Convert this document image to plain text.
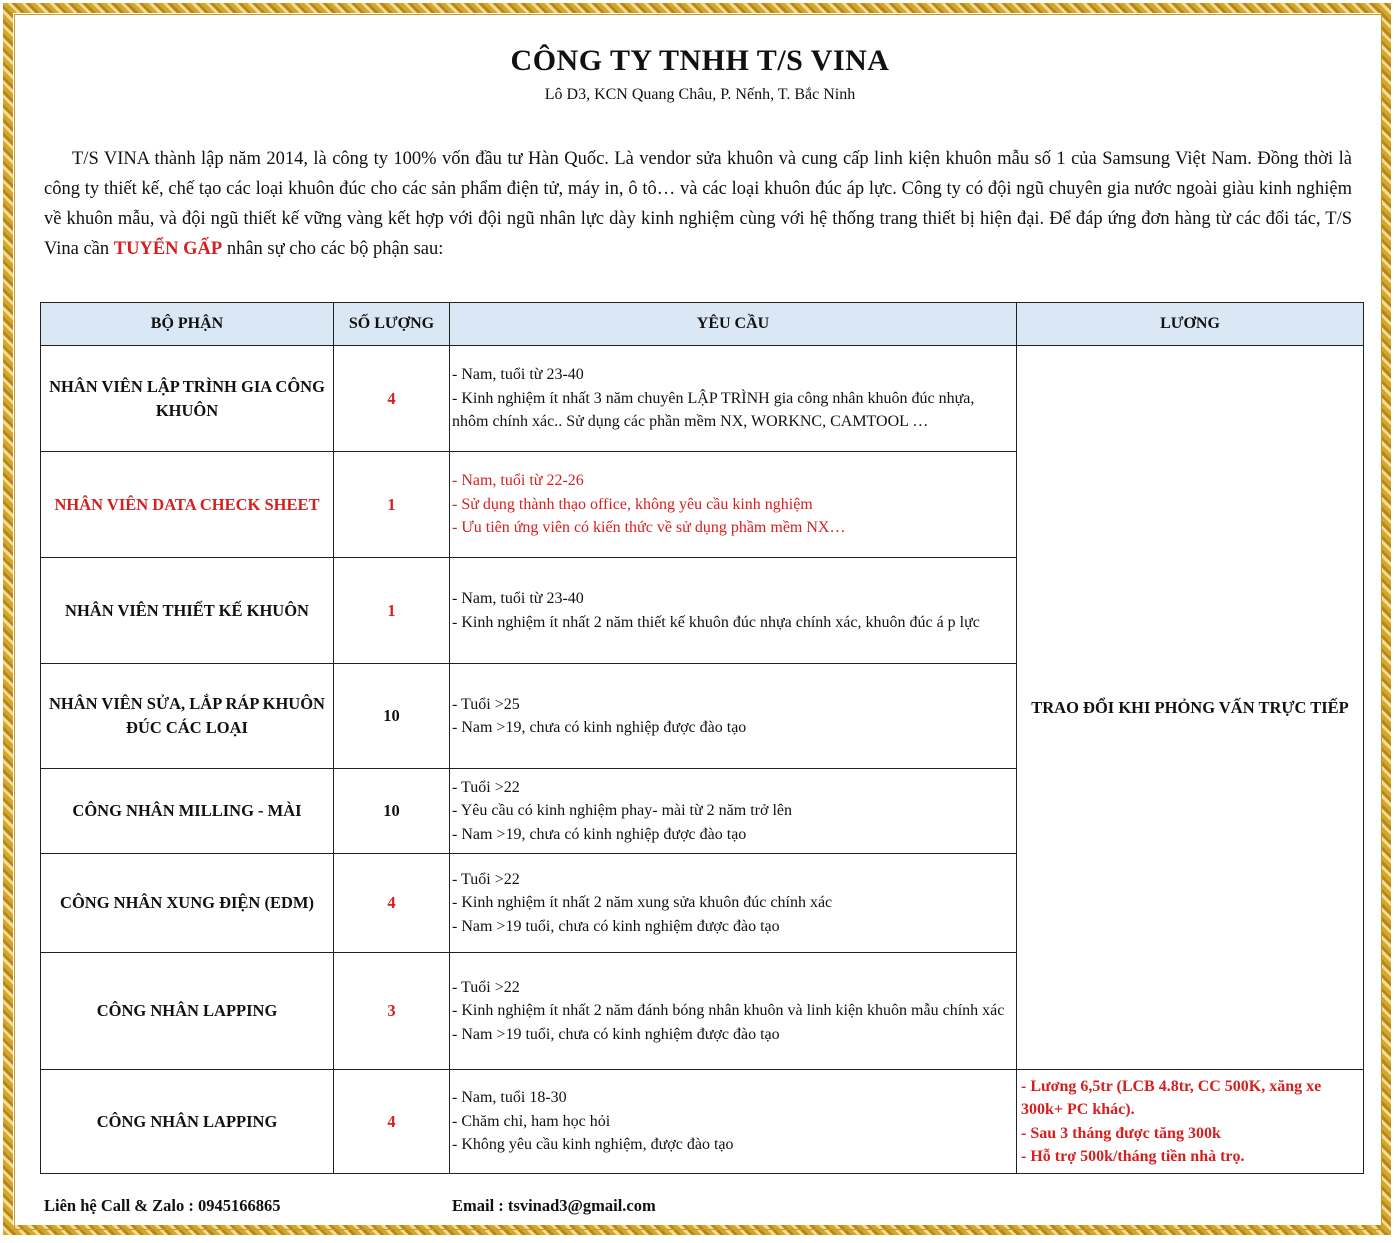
CÔNG TY TNHH T/S VINA
Lô D3, KCN Quang Châu, P. Nếnh, T. Bắc Ninh

T/S VINA thành lập năm 2014, là công ty 100% vốn đầu tư Hàn Quốc. Là vendor sửa khuôn và cung cấp linh kiện khuôn mẫu số 1 của Samsung Việt Nam. Đồng thời là công ty thiết kế, chế tạo các loại khuôn đúc cho các sản phẩm điện tử, máy in, ô tô… và các loại khuôn đúc áp lực. Công ty có đội ngũ chuyên gia nước ngoài giàu kinh nghiệm về khuôn mẫu, và đội ngũ thiết kế vững vàng kết hợp với đội ngũ nhân lực dày kinh nghiệm cùng với hệ thống trang thiết bị hiện đại. Để đáp ứng đơn hàng từ các đối tác, T/S Vina cần TUYỂN GẤP nhân sự cho các bộ phận sau:

BỘ PHẬN	SỐ LƯỢNG	YÊU CẦU	LƯƠNG
NHÂN VIÊN LẬP TRÌNH GIA CÔNG KHUÔN	4	- Nam, tuổi từ 23-40
- Kinh nghiệm ít nhất 3 năm chuyên LẬP TRÌNH gia công nhân khuôn đúc nhựa, nhôm chính xác.. Sử dụng các phần mềm NX, WORKNC, CAMTOOL …	TRAO ĐỔI KHI PHỎNG VẤN TRỰC TIẾP
NHÂN VIÊN DATA CHECK SHEET	1	- Nam, tuổi từ 22-26
- Sử dụng thành thạo office, không yêu cầu kinh nghiệm
- Ưu tiên ứng viên có kiến thức về sử dụng phầm mềm NX…	

NHÂN VIÊN THIẾT KẾ KHUÔN	1	- Nam, tuổi từ 23-40
- Kinh nghiệm ít nhất 2 năm thiết kế khuôn đúc nhựa chính xác, khuôn đúc á p lực	

NHÂN VIÊN SỬA, LẮP RÁP KHUÔN ĐÚC CÁC LOẠI	10	- Tuổi >25
- Nam >19, chưa có kinh nghiệp được đào tạo	

CÔNG NHÂN MILLING - MÀI	10	- Tuổi >22
- Yêu cầu có kinh nghiệm phay- mài từ 2 năm trở lên
- Nam >19, chưa có kinh nghiệp được đào tạo	

CÔNG NHÂN XUNG ĐIỆN (EDM)	4	- Tuổi >22
- Kinh nghiệm ít nhất 2 năm xung sửa khuôn đúc chính xác
- Nam >19 tuổi, chưa có kinh nghiệm được đào tạo	

CÔNG NHÂN LAPPING	3	- Tuổi >22
- Kinh nghiệm ít nhất 2 năm đánh bóng nhân khuôn và linh kiện khuôn mẫu chính xác
- Nam >19 tuổi, chưa có kinh nghiệm được đào tạo	

CÔNG NHÂN LAPPING	4	- Nam, tuổi 18-30
- Chăm chỉ, ham học hỏi
- Không yêu cầu kinh nghiệm, được đào tạo	- Lương 6,5tr (LCB 4.8tr, CC 500K, xăng xe 300k+ PC khác).
- Sau 3 tháng được tăng 300k
- Hỗ trợ 500k/tháng tiền nhà trọ.
Liên hệ Call & Zalo : 0945166865	Email : tsvinad3@gmail.com
